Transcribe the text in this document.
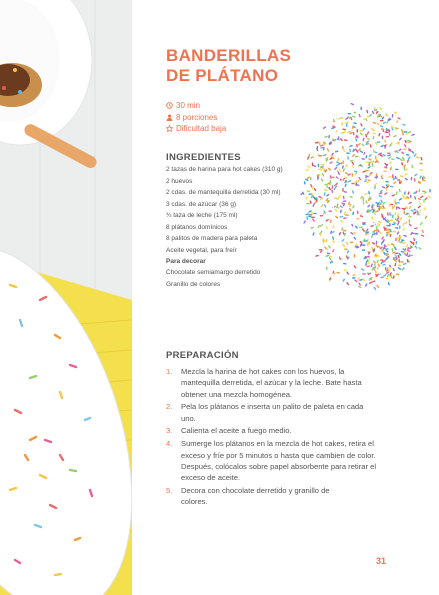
BANDERILLAS
DE PLÁTANO
30 min
8 porciones
Dificultad baja
INGREDIENTES
2 tazas de harina para hot cakes (310 g)
2 huevos
2 cdas. de mantequilla derretida (30 ml)
3 cdas. de azúcar (36 g)
¾ taza de leche (175 ml)
8 plátanos domínicos
8 palitos de madera para paleta
Aceite vegetal, para freír
Para decorar
Chocolate semiamargo derretido
Granillo de colores
PREPARACIÓN
1.	Mezcla la harina de hot cakes con los huevos, la mantequilla derretida, el azúcar y la leche. Bate hasta obtener una mezcla homogénea.
2.	Pela los plátanos e inserta un palito de paleta en cada uno.
3.	Calienta el aceite a fuego medio.
4.	Sumerge los plátanos en la mezcla de hot cakes, retira el exceso y fríe por 5 minutos o hasta que cambien de color. Después, colócalos sobre papel absorbente para retirar el exceso de aceite.
5.	Decora con chocolate derretido y granillo de colores.
31
